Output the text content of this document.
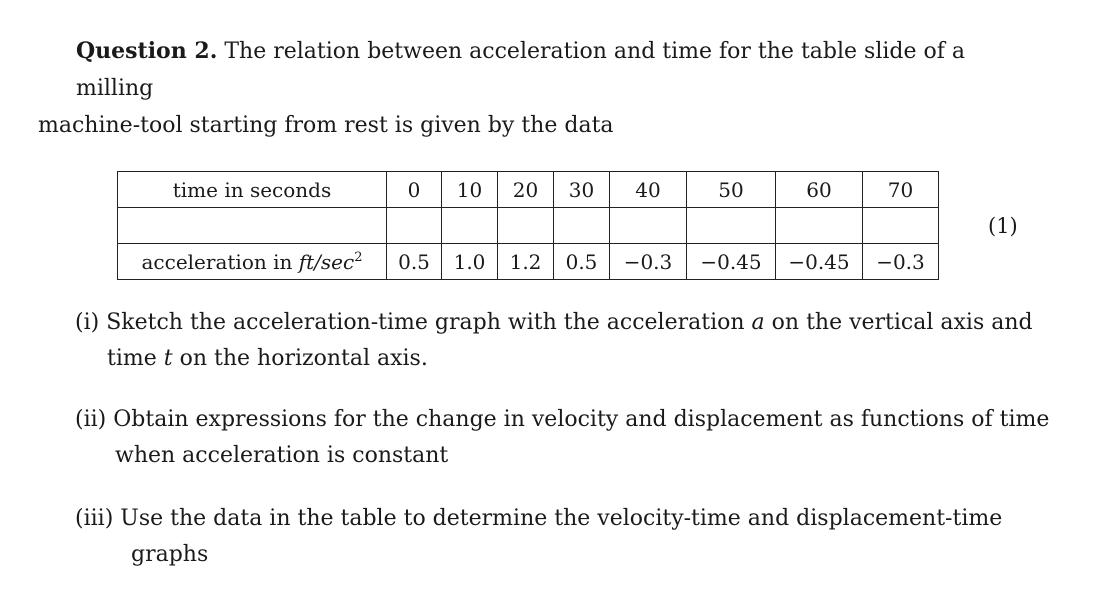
Question 2. The relation between acceleration and time for the table slide of a milling
machine-tool starting from rest is given by the data
time in seconds	0	10	20	30	40	50	60	70

acceleration in $ft/\sec^2$	0.5	1.0	1.2	0.5	−0.3	−0.45	−0.45	−0.3
(1)
(i) Sketch the acceleration-time graph with the acceleration a on the vertical axis and
time t on the horizontal axis.
(ii) Obtain expressions for the change in velocity and displacement as functions of time
when acceleration is constant
(iii) Use the data in the table to determine the velocity-time and displacement-time
graphs
